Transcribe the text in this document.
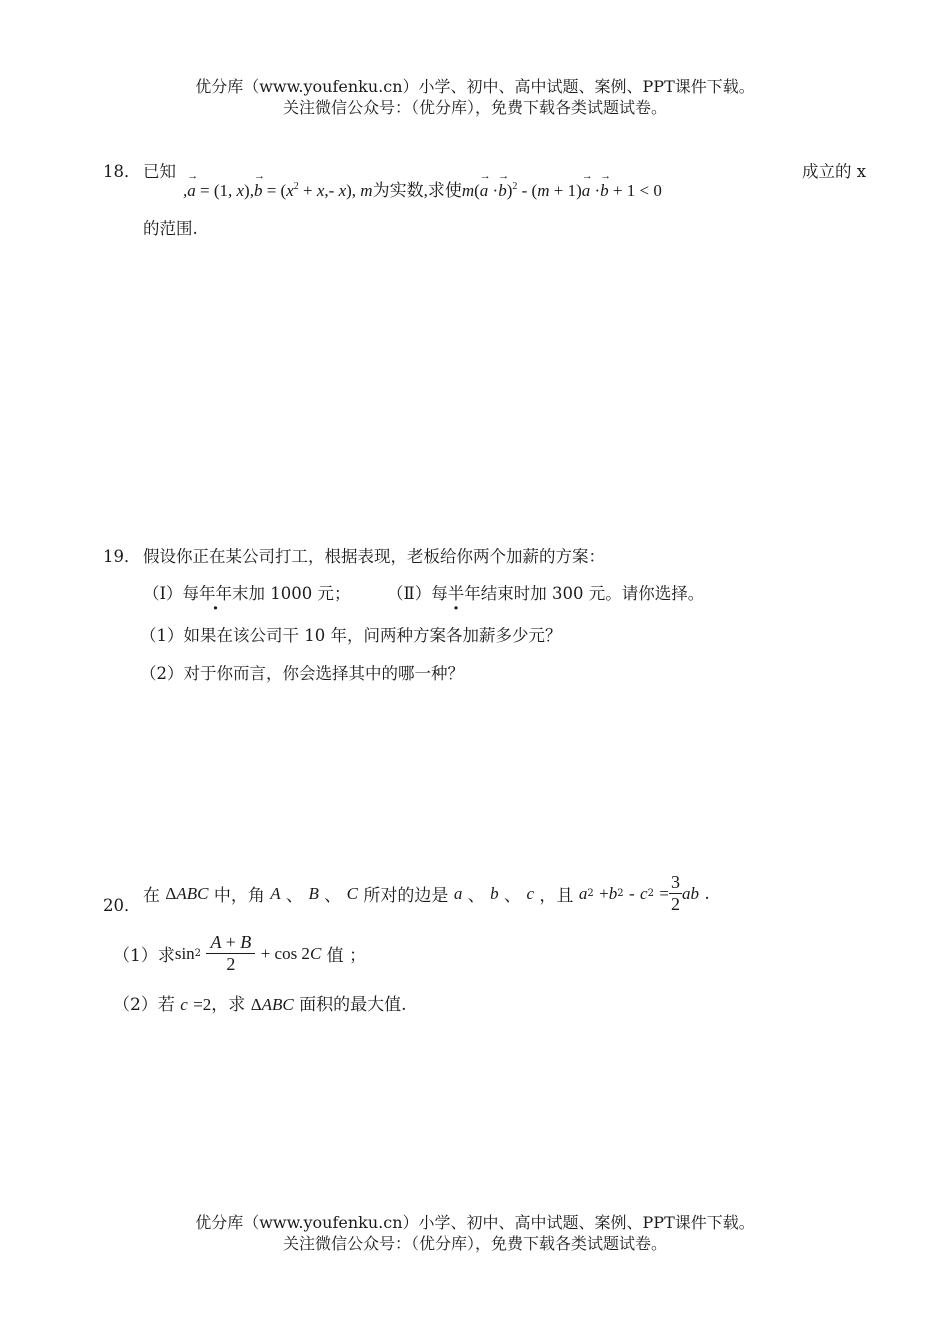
优分库（www.youfenku.cn）小学、初中、高中试题、案例、PPT课件下载。
关注微信公众号：（优分库），免费下载各类试题试卷。
18． 已知
,→ a = (1, $x),\to b = (x^2 + x,-$ x), m为实数,求使$m(\to a \cdot\to b)^2 - (m + 1)\to a \cdot\to b + 1 < 0$
成立的 x
的范围.
19． 假设你正在某公司打工，根据表现，老板给你两个加薪的方案：
（Ⅰ）每年年末加 1000 元； （Ⅱ）每半年结束时加 300 元。请你选择。
（1）如果在该公司干 10 年，问两种方案各加薪多少元？
（2）对于你而言，你会选择其中的哪一种？
20． 在
Δ ABC 中，角 A 、 B 、 C 所对的边是 a 、 b 、 c ，且 a 2
+ b 2
-
c 2
= $\frac{3}{2}$ ab .
（1）求 sin 2
$\frac{A + B}{2}$
+ cos 2 C 值 ；
（2）若 c =2，求 ΔABC 面积的最大值.
优分库（www.youfenku.cn）小学、初中、高中试题、案例、PPT课件下载。
关注微信公众号：（优分库），免费下载各类试题试卷。
